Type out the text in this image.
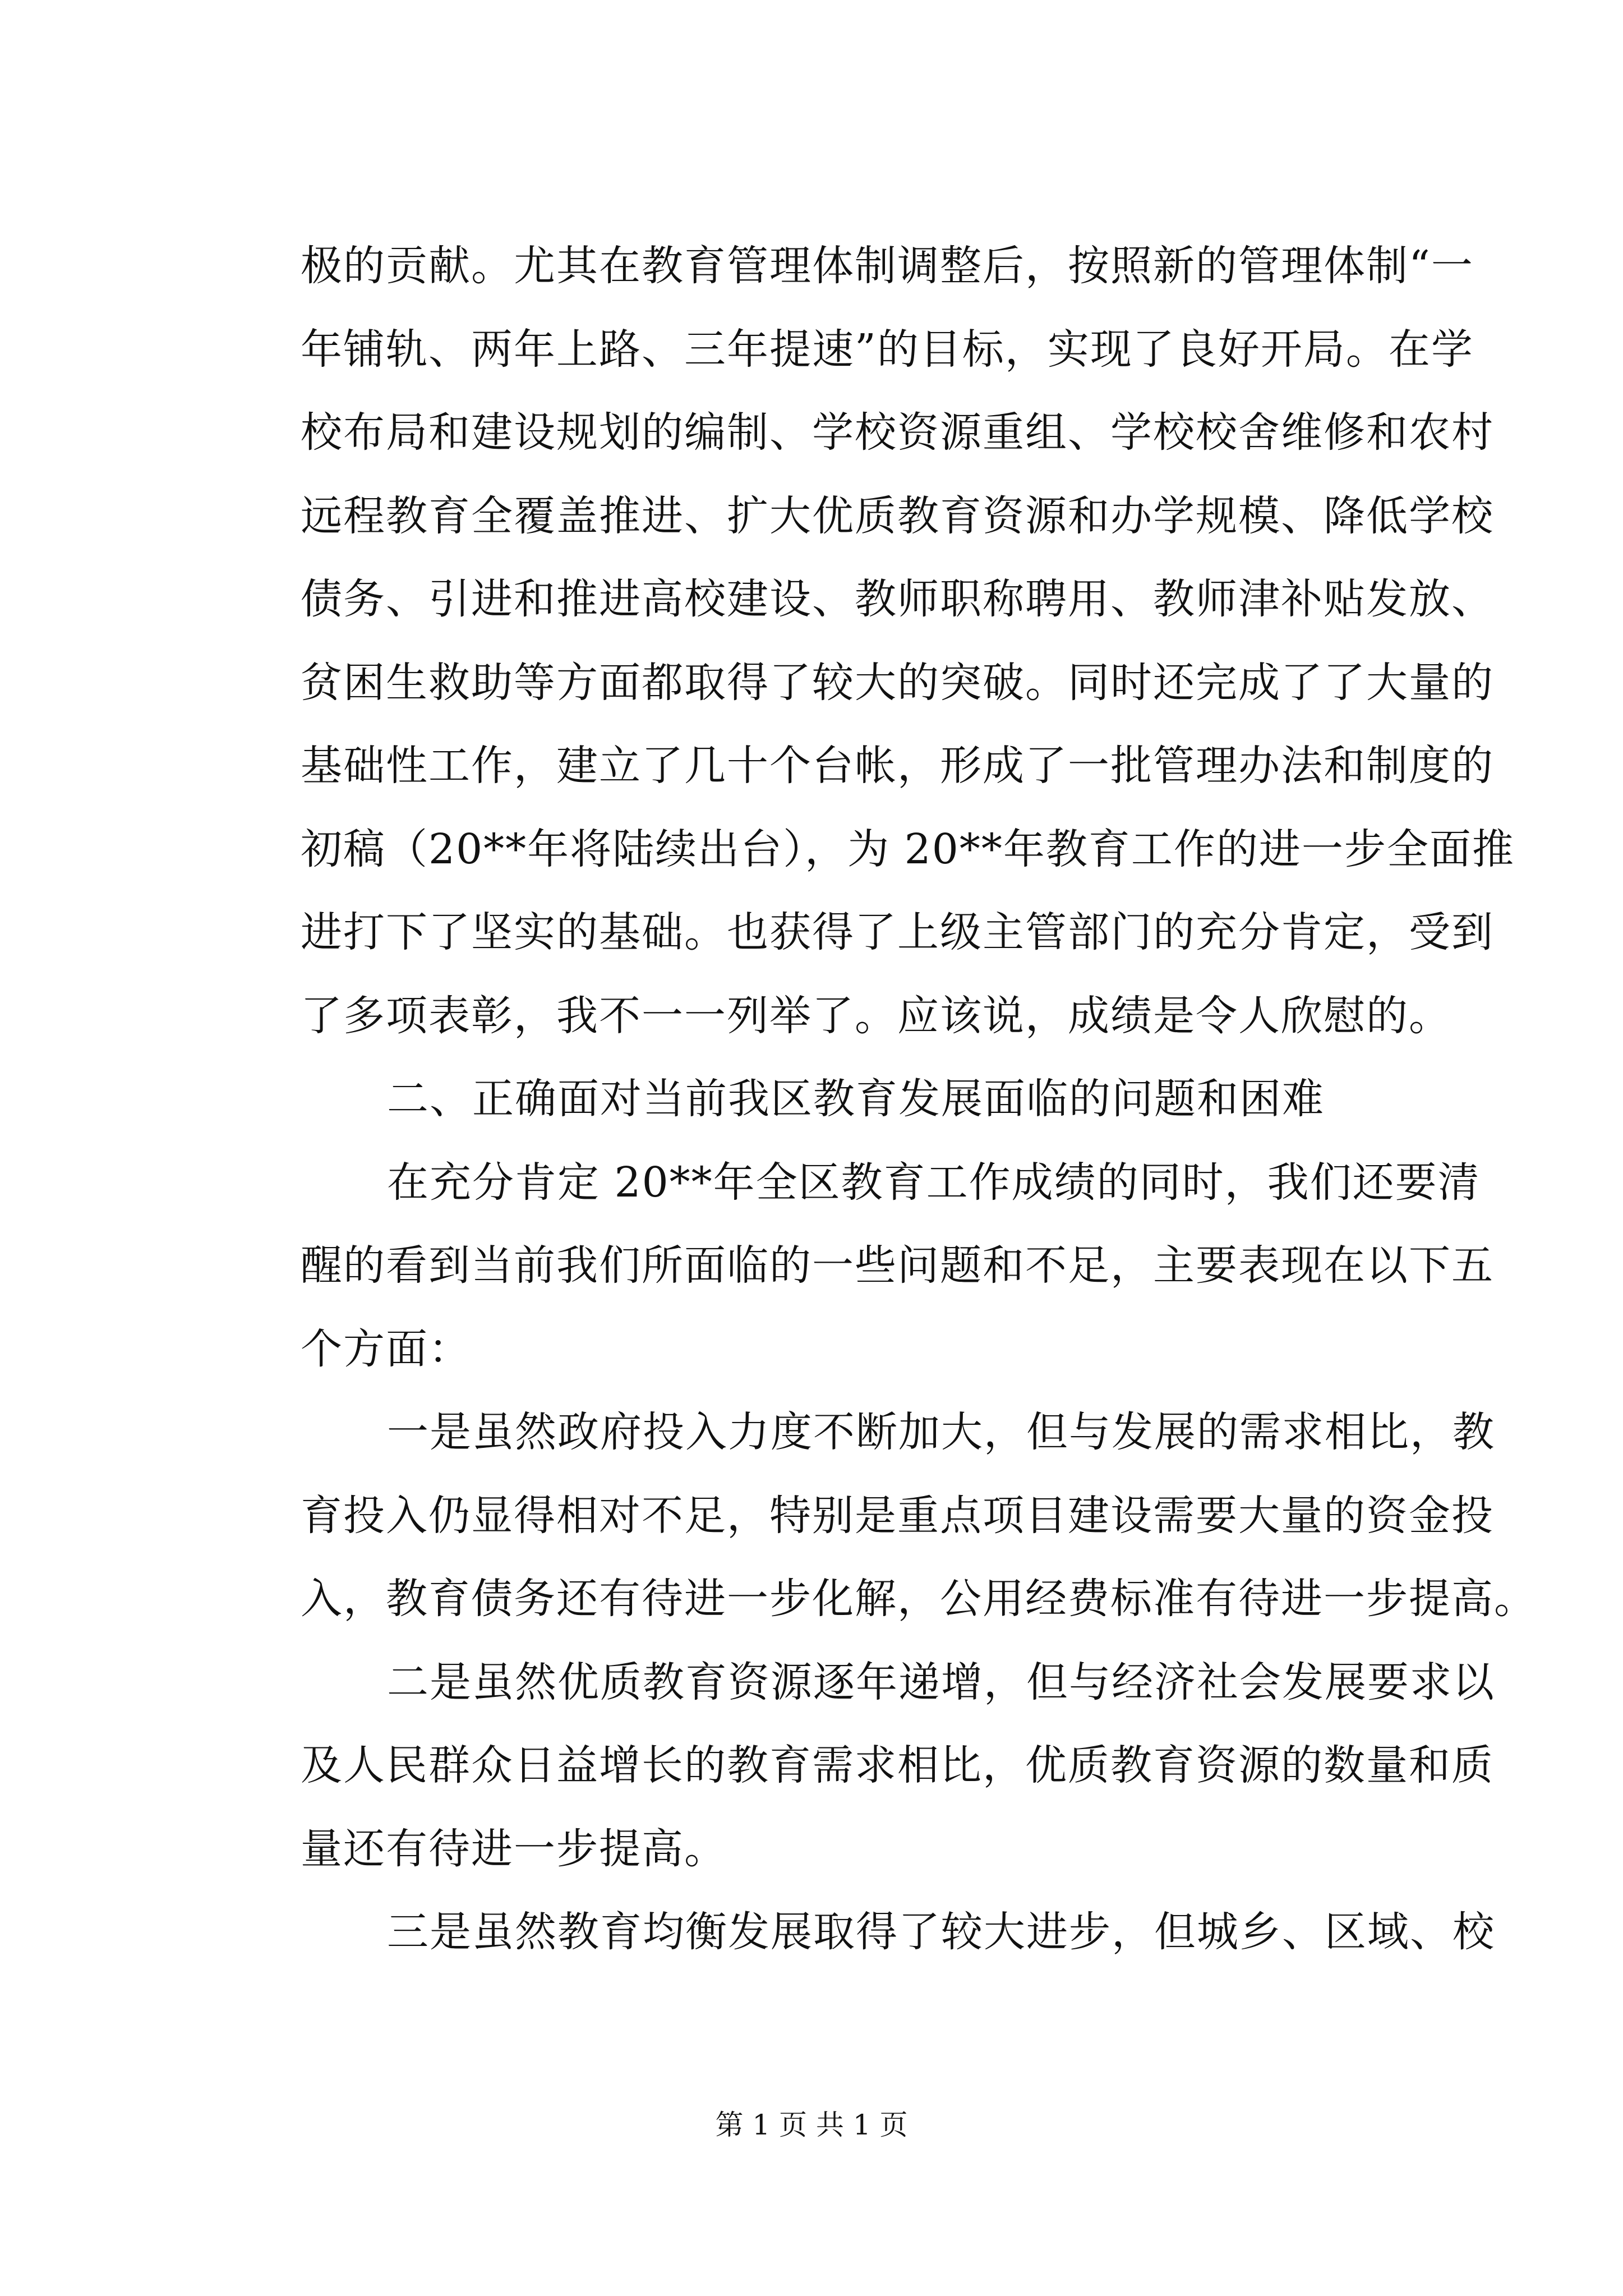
极的贡献。尤其在教育管理体制调整后，按照新的管理体制“一
年铺轨、两年上路、三年提速”的目标，实现了良好开局。在学
校布局和建设规划的编制、学校资源重组、学校校舍维修和农村
远程教育全覆盖推进、扩大优质教育资源和办学规模、降低学校
债务、引进和推进高校建设、教师职称聘用、教师津补贴发放、
贫困生救助等方面都取得了较大的突破。同时还完成了了大量的
基础性工作，建立了几十个台帐，形成了一批管理办法和制度的
初稿（20**年将陆续出台），为 20**年教育工作的进一步全面推
进打下了坚实的基础。也获得了上级主管部门的充分肯定，受到
了多项表彰，我不一一列举了。应该说，成绩是令人欣慰的。
二、正确面对当前我区教育发展面临的问题和困难
在充分肯定 20**年全区教育工作成绩的同时，我们还要清
醒的看到当前我们所面临的一些问题和不足，主要表现在以下五
个方面：
一是虽然政府投入力度不断加大，但与发展的需求相比，教
育投入仍显得相对不足，特别是重点项目建设需要大量的资金投
入，教育债务还有待进一步化解，公用经费标准有待进一步提高。
二是虽然优质教育资源逐年递增，但与经济社会发展要求以
及人民群众日益增长的教育需求相比，优质教育资源的数量和质
量还有待进一步提高。
三是虽然教育均衡发展取得了较大进步，但城乡、区域、校
第 1 页 共 1 页
